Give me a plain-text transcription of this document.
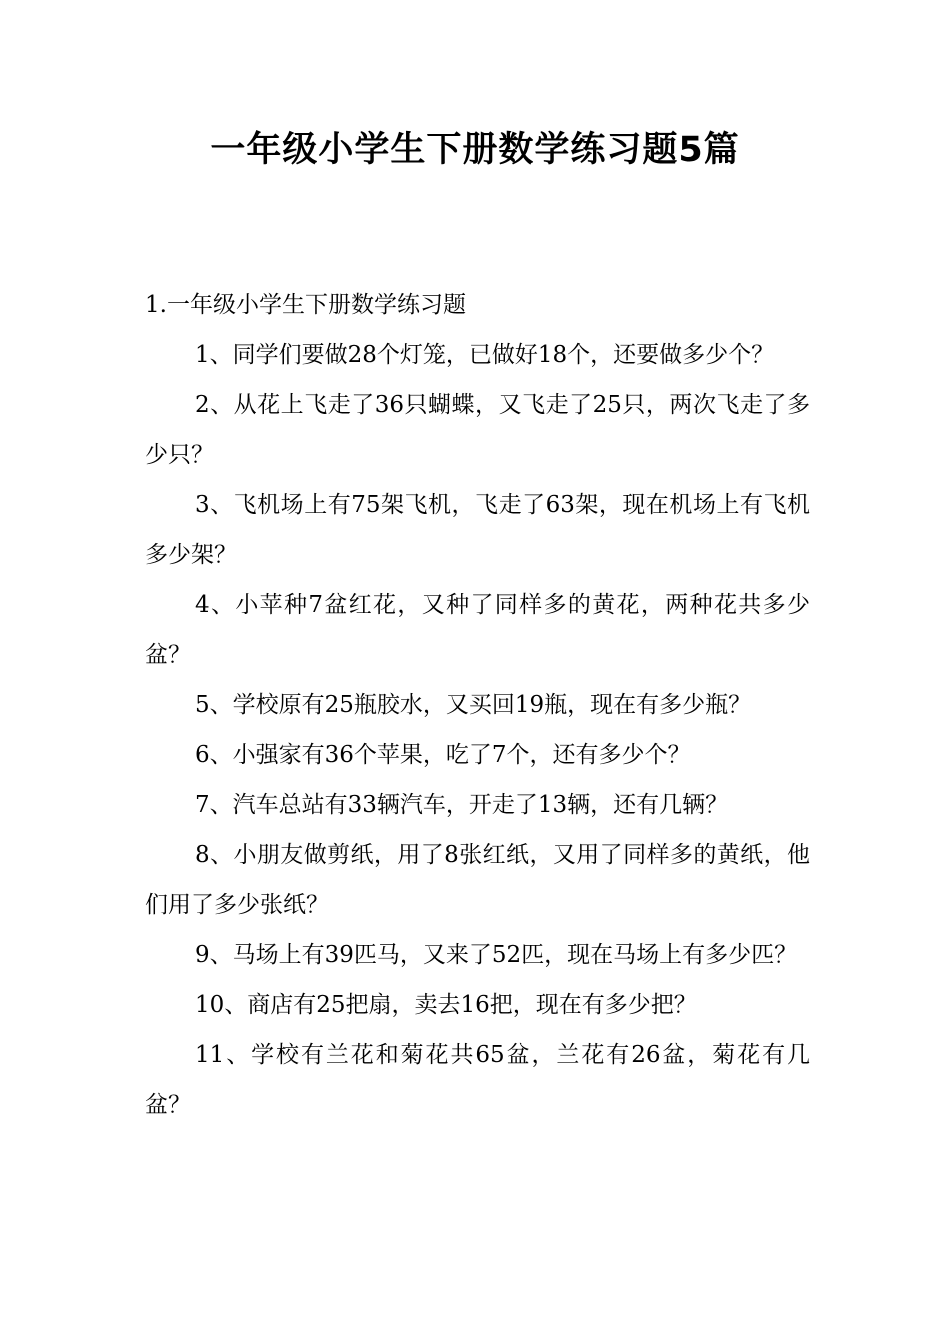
一年级小学生下册数学练习题5篇

1.一年级小学生下册数学练习题

1、同学们要做28个灯笼，已做好18个，还要做多少个？

2、从花上飞走了36只蝴蝶，又飞走了25只，两次飞走了多少只？

3、飞机场上有75架飞机，飞走了63架，现在机场上有飞机多少架？

4、小苹种7盆红花，又种了同样多的黄花，两种花共多少盆？

5、学校原有25瓶胶水，又买回19瓶，现在有多少瓶？

6、小强家有36个苹果，吃了7个，还有多少个？

7、汽车总站有33辆汽车，开走了13辆，还有几辆？

8、小朋友做剪纸，用了8张红纸，又用了同样多的黄纸，他们用了多少张纸？

9、马场上有39匹马，又来了52匹，现在马场上有多少匹？

10、商店有25把扇，卖去16把，现在有多少把？

11、学校有兰花和菊花共65盆，兰花有26盆，菊花有几盆？
